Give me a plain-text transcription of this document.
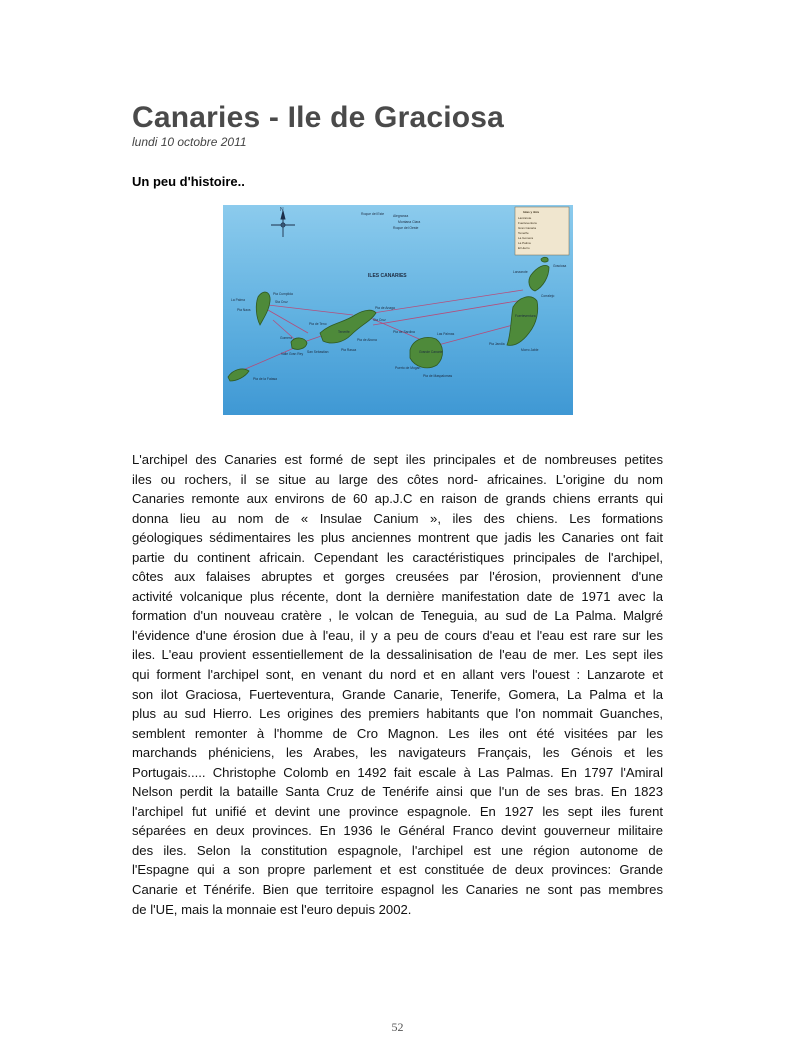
Canaries - Ile de Graciosa
lundi 10 octobre 2011
Un peu d'histoire..
N
ILES CANARIES
Roque del Este	Alegranza
Montana Clara
Roque del Oeste
Pta Cumplida
Sta Cruz
La Palma
Pta Naos
Pta de Teno
Tenerife
Sta Cruz
Pta de Anaga
Pta de Abona
Gomera
Valle Gran Rey San Sebastian	Pta Rasca
Pta de la Fatasa
Pta de Sardina	Las Palmas
Grande Canarie
Puerto de Mogan
Pta de Maspalomas
Lanzarote
Graciosa
Fuerteventura
Pta Jandia
Morro Jable
Corralejo
Islas y ilots
Lanzarote
Fuerteventura
Gran Canaria
Tenerife
La Gomera
La Palma
El Hierro
L'archipel des Canaries est formé de sept iles principales et de nombreuses petites
iles ou rochers, il se situe au large des côtes nord- africaines. L'origine du nom
Canaries remonte aux environs de 60 ap.J.C en raison de grands chiens errants qui
donna lieu au nom de « Insulae Canium », iles des chiens. Les formations
géologiques sédimentaires les plus anciennes montrent que jadis les Canaries ont fait
partie du continent africain. Cependant les caractéristiques principales de l'archipel,
côtes aux falaises abruptes et gorges creusées par l'érosion, proviennent d'une
activité volcanique plus récente, dont la dernière manifestation date de 1971 avec la
formation d'un nouveau cratère , le volcan de Teneguia, au sud de La Palma. Malgré
l'évidence d'une érosion due à l'eau, il y a peu de cours d'eau et l'eau est rare sur les
iles. L'eau provient essentiellement de la dessalinisation de l'eau de mer. Les sept iles
qui forment l'archipel sont, en venant du nord et en allant vers l'ouest : Lanzarote et
son ilot Graciosa, Fuerteventura, Grande Canarie, Tenerife, Gomera, La Palma et la
plus au sud Hierro. Les origines des premiers habitants que l'on nommait Guanches,
semblent remonter à l'homme de Cro Magnon. Les iles ont été visitées par les
marchands phéniciens, les Arabes, les navigateurs Français, les Génois et les
Portugais..... Christophe Colomb en 1492 fait escale à Las Palmas. En 1797 l'Amiral
Nelson perdit la bataille Santa Cruz de Tenérife ainsi que l'un de ses bras. En 1823
l'archipel fut unifié et devint une province espagnole. En 1927 les sept iles furent
séparées en deux provinces. En 1936 le Général Franco devint gouverneur militaire
des iles. Selon la constitution espagnole, l'archipel est une région autonome de
l'Espagne qui a son propre parlement et est constituée de deux provinces: Grande
Canarie et Ténérife. Bien que territoire espagnol les Canaries ne sont pas membres
de l'UE, mais la monnaie est l'euro depuis 2002.
52
